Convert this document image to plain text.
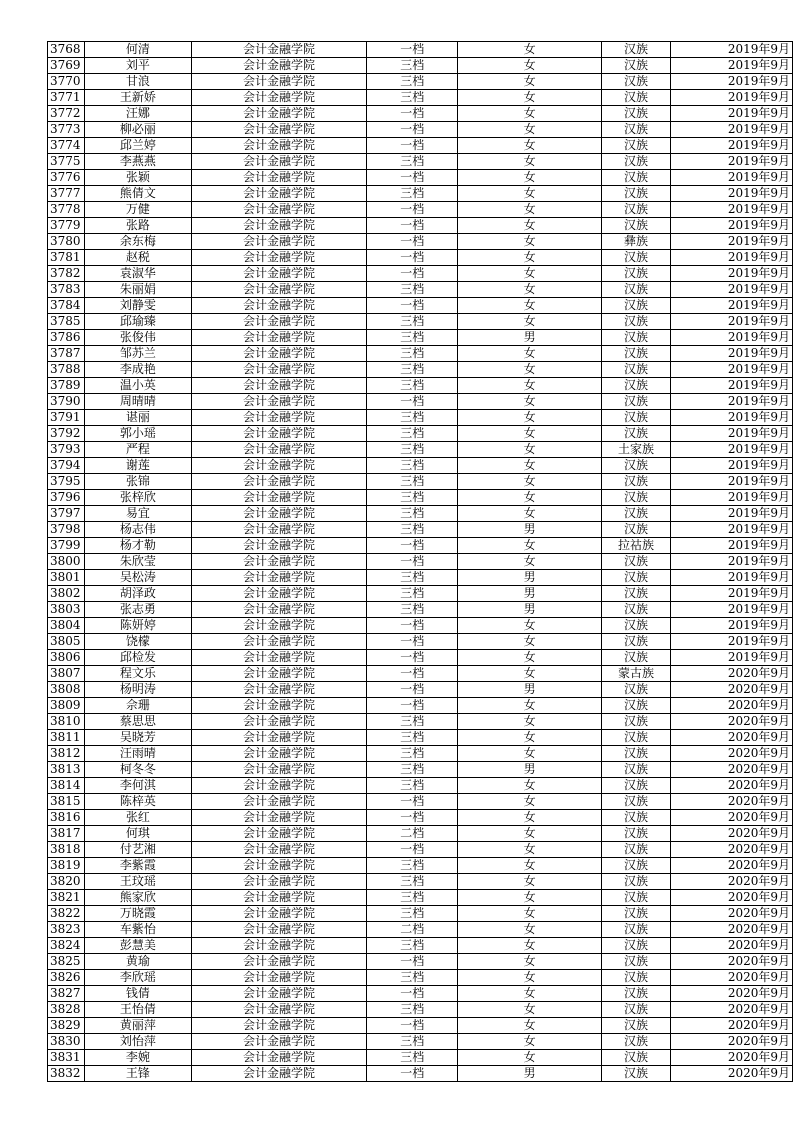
3768	何清	会计金融学院	一档	女	汉族	2019年9月
3769	刘平	会计金融学院	三档	女	汉族	2019年9月
3770	甘浪	会计金融学院	三档	女	汉族	2019年9月
3771	王新娇	会计金融学院	三档	女	汉族	2019年9月
3772	汪娜	会计金融学院	一档	女	汉族	2019年9月
3773	柳必丽	会计金融学院	一档	女	汉族	2019年9月
3774	邱兰婷	会计金融学院	一档	女	汉族	2019年9月
3775	李燕燕	会计金融学院	三档	女	汉族	2019年9月
3776	张颖	会计金融学院	一档	女	汉族	2019年9月
3777	熊倩文	会计金融学院	三档	女	汉族	2019年9月
3778	万健	会计金融学院	一档	女	汉族	2019年9月
3779	张路	会计金融学院	一档	女	汉族	2019年9月
3780	余东梅	会计金融学院	一档	女	彝族	2019年9月
3781	赵税	会计金融学院	一档	女	汉族	2019年9月
3782	袁淑华	会计金融学院	一档	女	汉族	2019年9月
3783	朱丽娟	会计金融学院	三档	女	汉族	2019年9月
3784	刘静雯	会计金融学院	一档	女	汉族	2019年9月
3785	邱瑜臻	会计金融学院	三档	女	汉族	2019年9月
3786	张俊伟	会计金融学院	三档	男	汉族	2019年9月
3787	邹苏兰	会计金融学院	三档	女	汉族	2019年9月
3788	李成艳	会计金融学院	三档	女	汉族	2019年9月
3789	温小英	会计金融学院	三档	女	汉族	2019年9月
3790	周晴晴	会计金融学院	一档	女	汉族	2019年9月
3791	谌丽	会计金融学院	三档	女	汉族	2019年9月
3792	郭小瑶	会计金融学院	三档	女	汉族	2019年9月
3793	严程	会计金融学院	三档	女	土家族	2019年9月
3794	谢莲	会计金融学院	三档	女	汉族	2019年9月
3795	张锦	会计金融学院	三档	女	汉族	2019年9月
3796	张梓欣	会计金融学院	三档	女	汉族	2019年9月
3797	易宜	会计金融学院	三档	女	汉族	2019年9月
3798	杨志伟	会计金融学院	三档	男	汉族	2019年9月
3799	杨才勒	会计金融学院	一档	女	拉祜族	2019年9月
3800	朱欣莹	会计金融学院	一档	女	汉族	2019年9月
3801	吴松涛	会计金融学院	三档	男	汉族	2019年9月
3802	胡泽政	会计金融学院	三档	男	汉族	2019年9月
3803	张志勇	会计金融学院	三档	男	汉族	2019年9月
3804	陈妍婷	会计金融学院	一档	女	汉族	2019年9月
3805	饶檬	会计金融学院	一档	女	汉族	2019年9月
3806	邱检发	会计金融学院	一档	女	汉族	2019年9月
3807	程文乐	会计金融学院	一档	女	蒙古族	2020年9月
3808	杨明涛	会计金融学院	一档	男	汉族	2020年9月
3809	佘珊	会计金融学院	一档	女	汉族	2020年9月
3810	蔡思思	会计金融学院	三档	女	汉族	2020年9月
3811	吴晓芳	会计金融学院	三档	女	汉族	2020年9月
3812	汪雨晴	会计金融学院	三档	女	汉族	2020年9月
3813	柯冬冬	会计金融学院	三档	男	汉族	2020年9月
3814	李何淇	会计金融学院	三档	女	汉族	2020年9月
3815	陈梓英	会计金融学院	一档	女	汉族	2020年9月
3816	张红	会计金融学院	一档	女	汉族	2020年9月
3817	何琪	会计金融学院	二档	女	汉族	2020年9月
3818	付艺湘	会计金融学院	一档	女	汉族	2020年9月
3819	李紫霞	会计金融学院	三档	女	汉族	2020年9月
3820	王玟瑶	会计金融学院	三档	女	汉族	2020年9月
3821	熊家欣	会计金融学院	三档	女	汉族	2020年9月
3822	万晓霞	会计金融学院	三档	女	汉族	2020年9月
3823	车紫怡	会计金融学院	二档	女	汉族	2020年9月
3824	彭慧美	会计金融学院	三档	女	汉族	2020年9月
3825	黄瑜	会计金融学院	一档	女	汉族	2020年9月
3826	李欣瑶	会计金融学院	三档	女	汉族	2020年9月
3827	钱倩	会计金融学院	一档	女	汉族	2020年9月
3828	王怡倩	会计金融学院	三档	女	汉族	2020年9月
3829	黄丽萍	会计金融学院	一档	女	汉族	2020年9月
3830	刘怡萍	会计金融学院	三档	女	汉族	2020年9月
3831	李婉	会计金融学院	三档	女	汉族	2020年9月
3832	王锋	会计金融学院	一档	男	汉族	2020年9月
